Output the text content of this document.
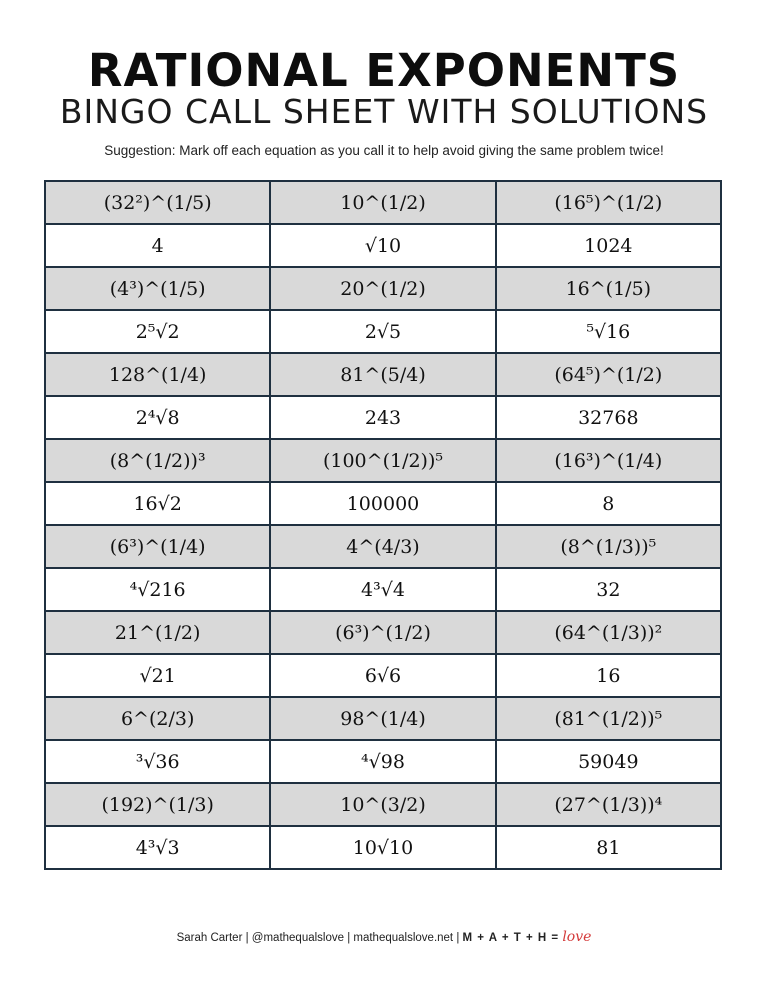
RATIONAL EXPONENTS
BINGO CALL SHEET WITH SOLUTIONS
Suggestion: Mark off each equation as you call it to help avoid giving the same problem twice!
(32²)^(1/5)	10^(1/2)	(16⁵)^(1/2)
4	√10	1024
(4³)^(1/5)	20^(1/2)	16^(1/5)
2⁵√2	2√5	⁵√16
128^(1/4)	81^(5/4)	(64⁵)^(1/2)
2⁴√8	243	32768
(8^(1/2))³	(100^(1/2))⁵	(16³)^(1/4)
16√2	100000	8
(6³)^(1/4)	4^(4/3)	(8^(1/3))⁵
⁴√216	4³√4	32
21^(1/2)	(6³)^(1/2)	(64^(1/3))²
√21	6√6	16
6^(2/3)	98^(1/4)	(81^(1/2))⁵
³√36	⁴√98	59049
(192)^(1/3)	10^(3/2)	(27^(1/3))⁴
4³√3	10√10	81
Sarah Carter | @mathequalslove | mathequalslove.net | M + A + T + H = love
